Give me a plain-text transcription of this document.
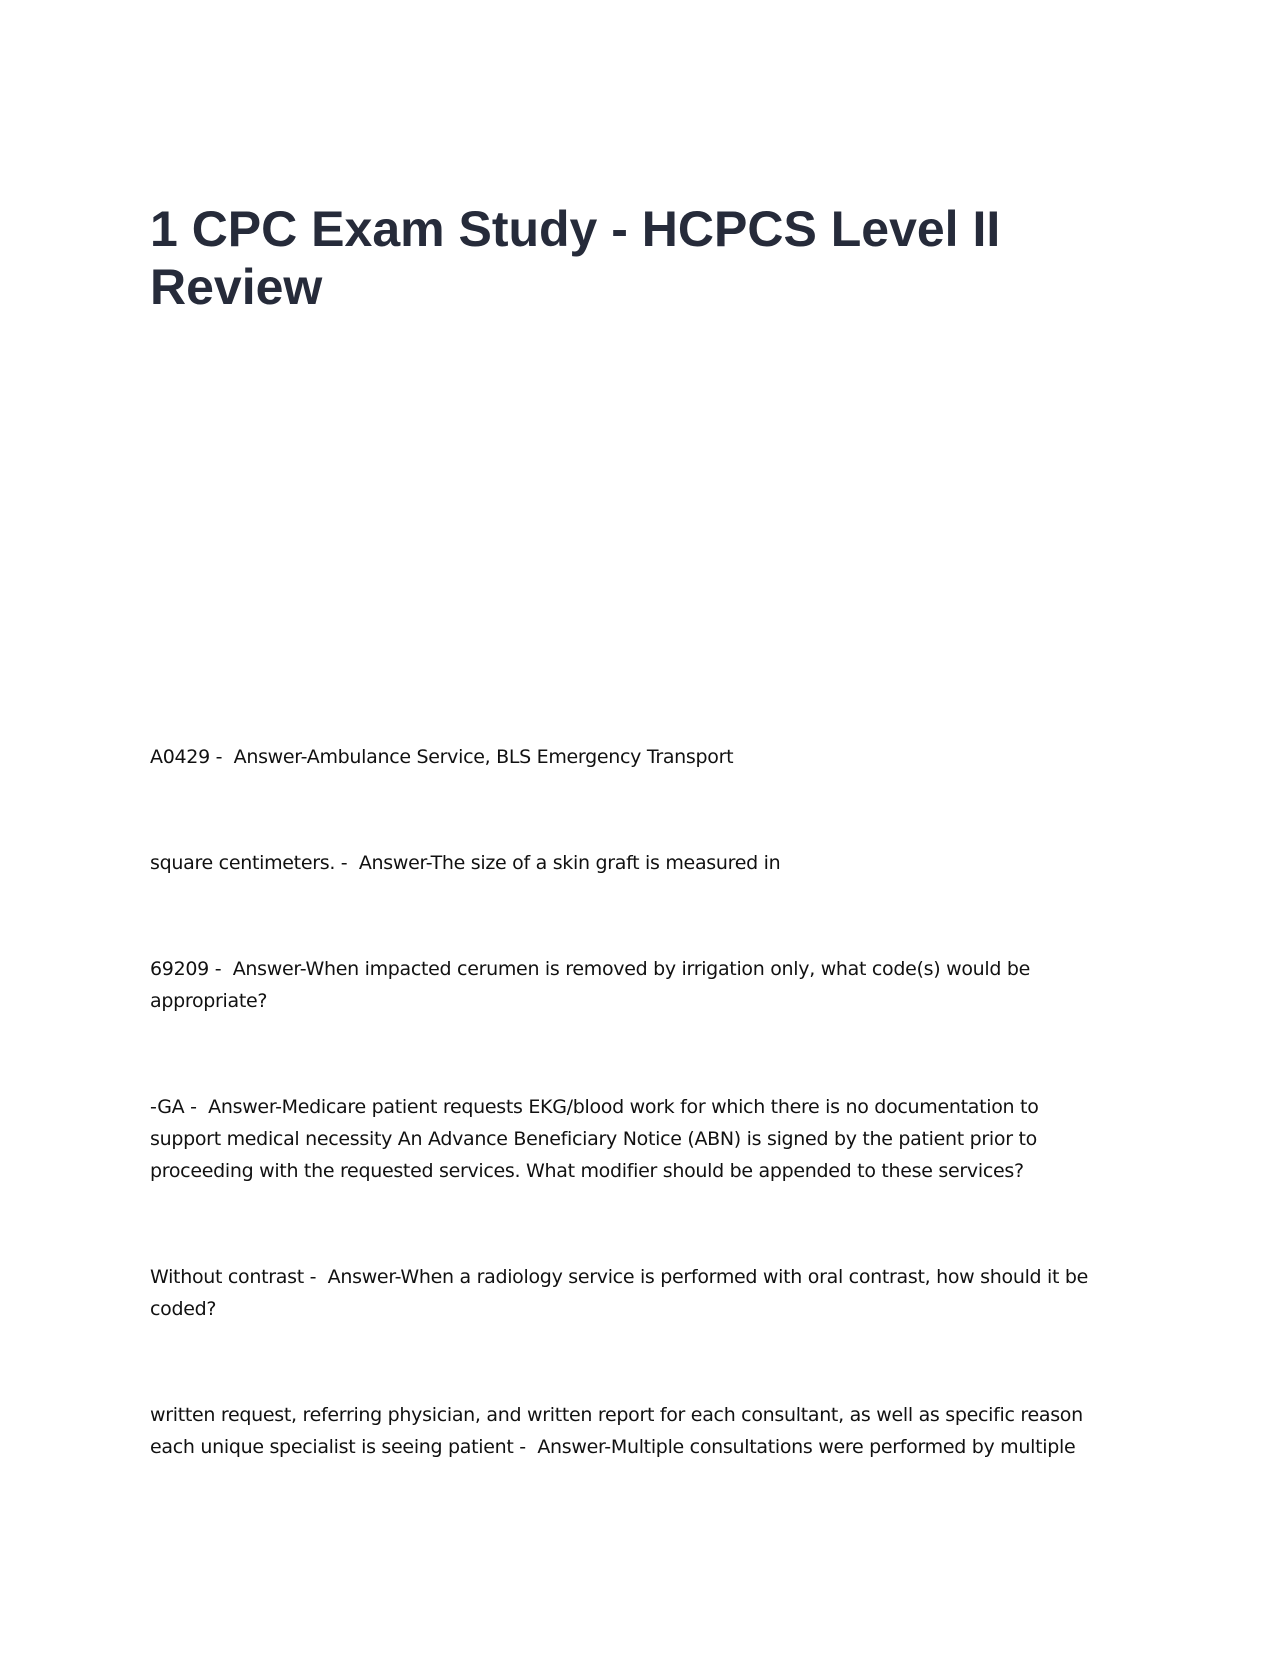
1 CPC Exam Study - HCPCS Level II Review

A0429 -  Answer-Ambulance Service, BLS Emergency Transport

square centimeters. -  Answer-The size of a skin graft is measured in

69209 -  Answer-When impacted cerumen is removed by irrigation only, what code(s) would be appropriate?

-GA -  Answer-Medicare patient requests EKG/blood work for which there is no documentation to support medical necessity An Advance Beneficiary Notice (ABN) is signed by the patient prior to proceeding with the requested services. What modifier should be appended to these services?

Without contrast -  Answer-When a radiology service is performed with oral contrast, how should it be coded?

written request, referring physician, and written report for each consultant, as well as specific reason each unique specialist is seeing patient -  Answer-Multiple consultations were performed by multiple
